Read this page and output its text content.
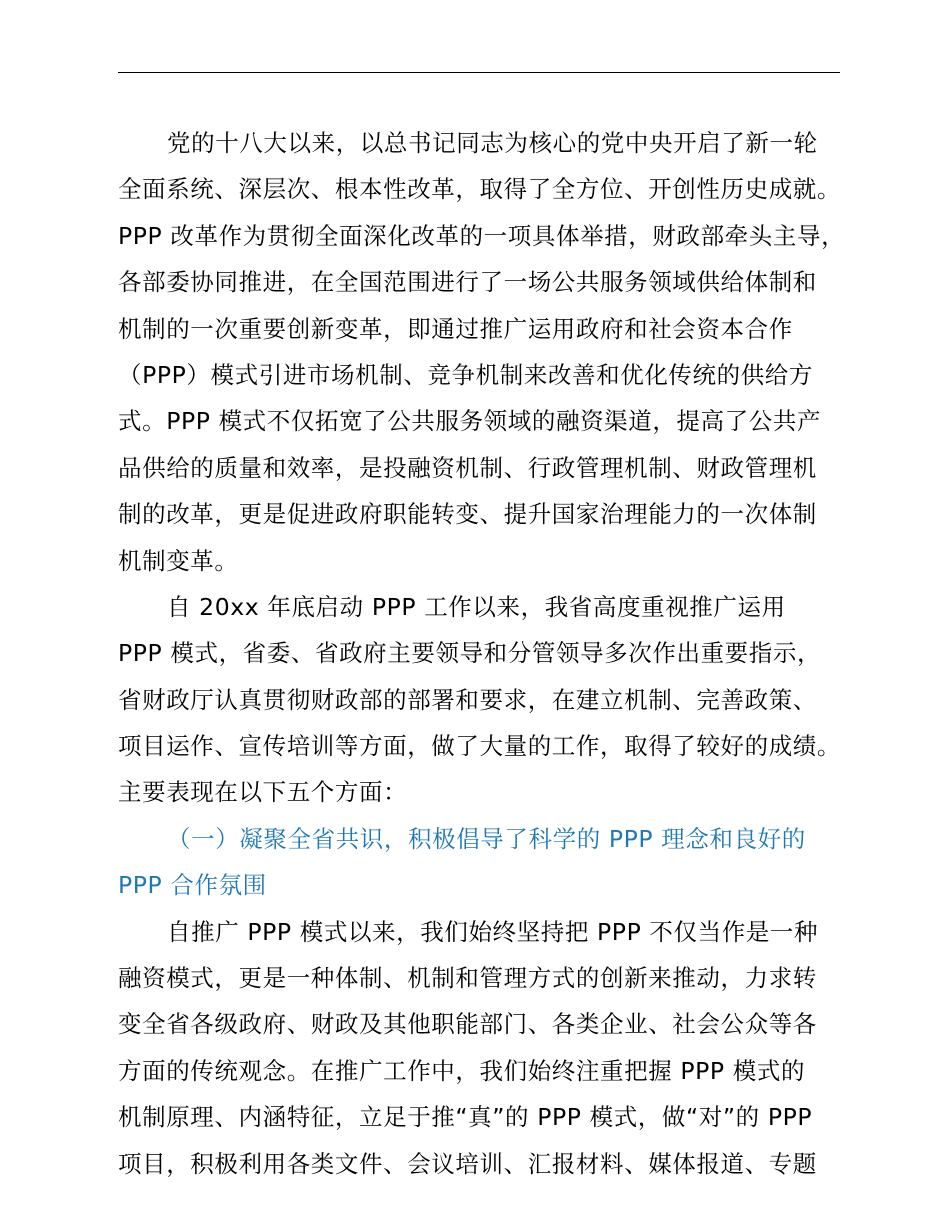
党的十八大以来，以总书记同志为核心的党中央开启了新一轮
全面系统、深层次、根本性改革，取得了全方位、开创性历史成就。
PPP 改革作为贯彻全面深化改革的一项具体举措，财政部牵头主导，
各部委协同推进，在全国范围进行了一场公共服务领域供给体制和
机制的一次重要创新变革，即通过推广运用政府和社会资本合作
（PPP）模式引进市场机制、竞争机制来改善和优化传统的供给方
式。PPP 模式不仅拓宽了公共服务领域的融资渠道，提高了公共产
品供给的质量和效率，是投融资机制、行政管理机制、财政管理机
制的改革，更是促进政府职能转变、提升国家治理能力的一次体制
机制变革。
自 20xx 年底启动 PPP 工作以来，我省高度重视推广运用
PPP 模式，省委、省政府主要领导和分管领导多次作出重要指示，
省财政厅认真贯彻财政部的部署和要求，在建立机制、完善政策、
项目运作、宣传培训等方面，做了大量的工作，取得了较好的成绩。
主要表现在以下五个方面：
（一）凝聚全省共识，积极倡导了科学的 PPP 理念和良好的
PPP 合作氛围
自推广 PPP 模式以来，我们始终坚持把 PPP 不仅当作是一种
融资模式，更是一种体制、机制和管理方式的创新来推动，力求转
变全省各级政府、财政及其他职能部门、各类企业、社会公众等各
方面的传统观念。在推广工作中，我们始终注重把握 PPP 模式的
机制原理、内涵特征，立足于推“真”的 PPP 模式，做“对”的 PPP
项目，积极利用各类文件、会议培训、汇报材料、媒体报道、专题
